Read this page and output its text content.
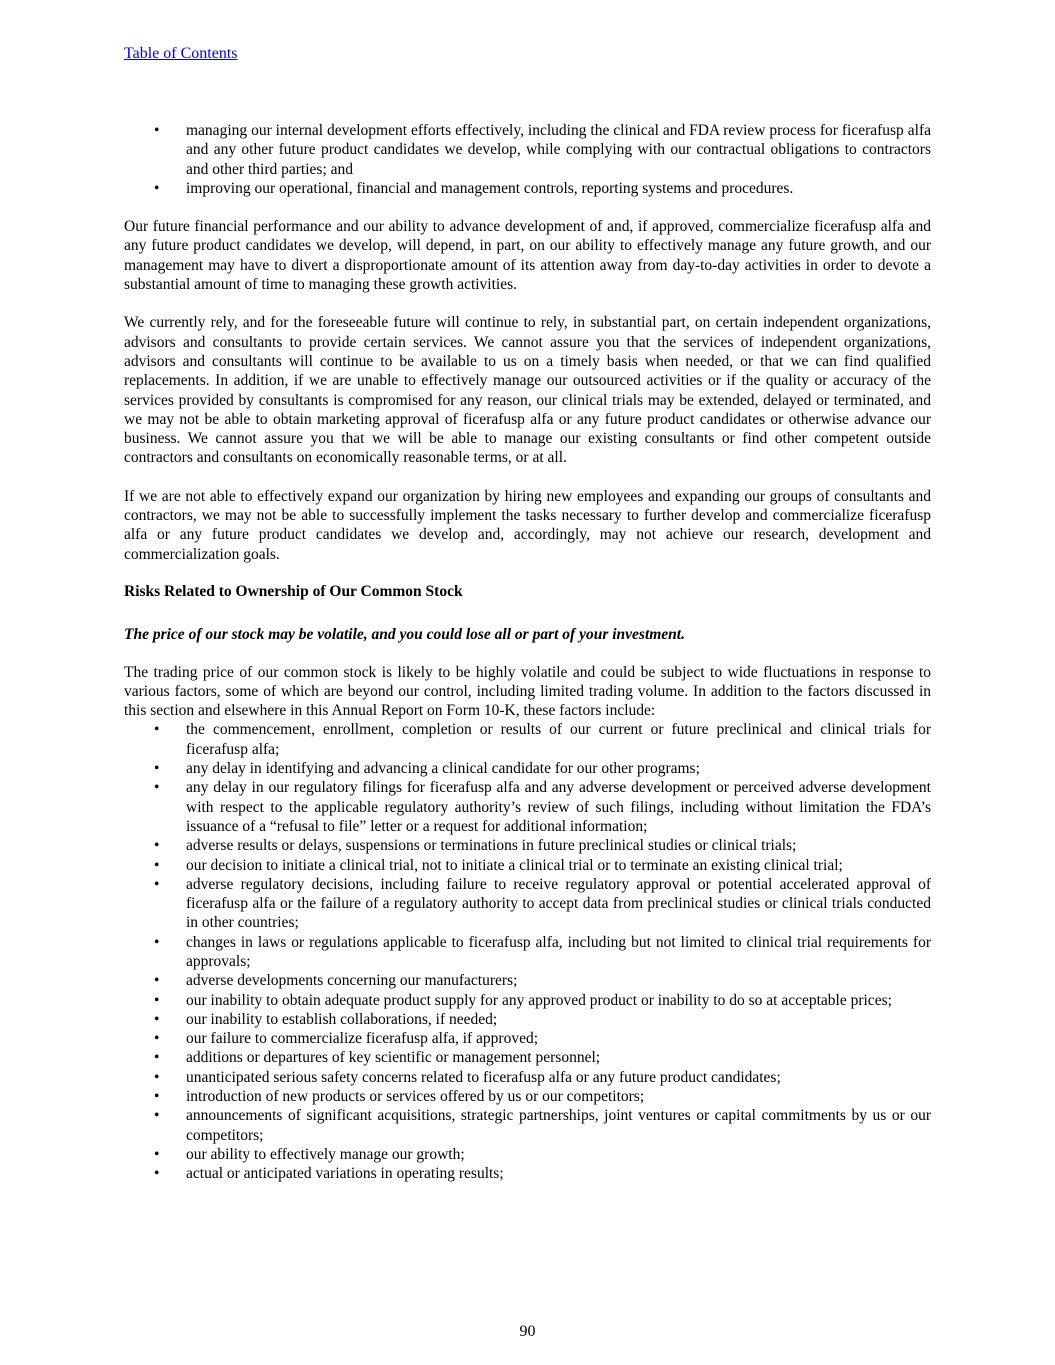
Table of Contents
• managing our internal development efforts effectively, including the clinical and FDA review process for ficerafusp alfa and any other future product candidates we develop, while complying with our contractual obligations to contractors and other third parties; and
• improving our operational, financial and management controls, reporting systems and procedures.

Our future financial performance and our ability to advance development of and, if approved, commercialize ficerafusp alfa and any future product candidates we develop, will depend, in part, on our ability to effectively manage any future growth, and our management may have to divert a disproportionate amount of its attention away from day-to-day activities in order to devote a substantial amount of time to managing these growth activities.

We currently rely, and for the foreseeable future will continue to rely, in substantial part, on certain independent organizations, advisors and consultants to provide certain services. We cannot assure you that the services of independent organizations, advisors and consultants will continue to be available to us on a timely basis when needed, or that we can find qualified replacements. In addition, if we are unable to effectively manage our outsourced activities or if the quality or accuracy of the services provided by consultants is compromised for any reason, our clinical trials may be extended, delayed or terminated, and we may not be able to obtain marketing approval of ficerafusp alfa or any future product candidates or otherwise advance our business. We cannot assure you that we will be able to manage our existing consultants or find other competent outside contractors and consultants on economically reasonable terms, or at all.

If we are not able to effectively expand our organization by hiring new employees and expanding our groups of consultants and contractors, we may not be able to successfully implement the tasks necessary to further develop and commercialize ficerafusp alfa or any future product candidates we develop and, accordingly, may not achieve our research, development and commercialization goals.

Risks Related to Ownership of Our Common Stock

The price of our stock may be volatile, and you could lose all or part of your investment.

The trading price of our common stock is likely to be highly volatile and could be subject to wide fluctuations in response to various factors, some of which are beyond our control, including limited trading volume. In addition to the factors discussed in this section and elsewhere in this Annual Report on Form 10-K, these factors include:

• the commencement, enrollment, completion or results of our current or future preclinical and clinical trials for ficerafusp alfa;
• any delay in identifying and advancing a clinical candidate for our other programs;
• any delay in our regulatory filings for ficerafusp alfa and any adverse development or perceived adverse development with respect to the applicable regulatory authority’s review of such filings, including without limitation the FDA’s issuance of a “refusal to file” letter or a request for additional information;
• adverse results or delays, suspensions or terminations in future preclinical studies or clinical trials;
• our decision to initiate a clinical trial, not to initiate a clinical trial or to terminate an existing clinical trial;
• adverse regulatory decisions, including failure to receive regulatory approval or potential accelerated approval of ficerafusp alfa or the failure of a regulatory authority to accept data from preclinical studies or clinical trials conducted in other countries;
• changes in laws or regulations applicable to ficerafusp alfa, including but not limited to clinical trial requirements for approvals;
• adverse developments concerning our manufacturers;
• our inability to obtain adequate product supply for any approved product or inability to do so at acceptable prices;
• our inability to establish collaborations, if needed;
• our failure to commercialize ficerafusp alfa, if approved;
• additions or departures of key scientific or management personnel;
• unanticipated serious safety concerns related to ficerafusp alfa or any future product candidates;
• introduction of new products or services offered by us or our competitors;
• announcements of significant acquisitions, strategic partnerships, joint ventures or capital commitments by us or our competitors;
• our ability to effectively manage our growth;
• actual or anticipated variations in operating results;
90
